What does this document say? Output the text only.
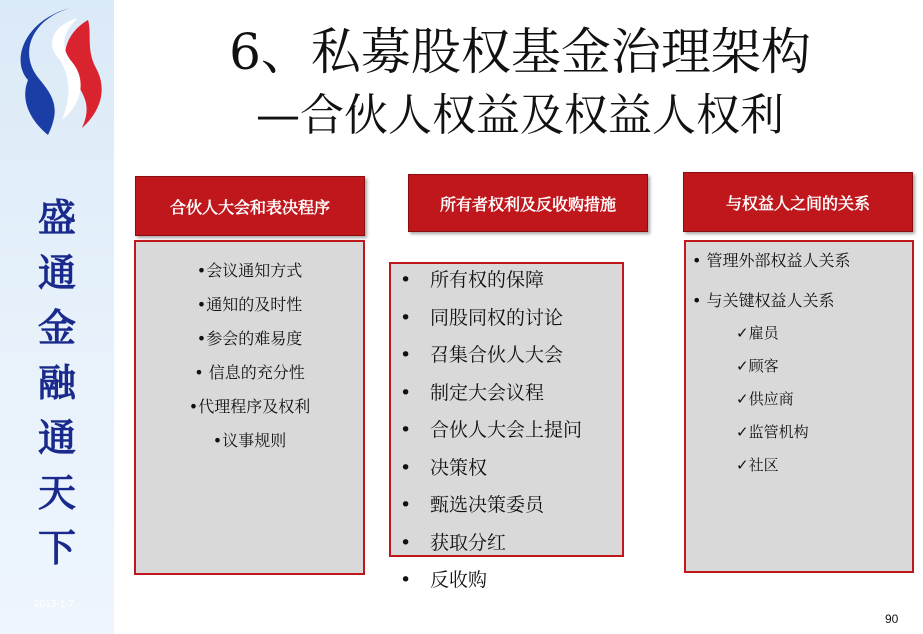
盛
通
金
融
通
天
下
2013-1-7
6、私募股权基金治理架构
—合伙人权益及权益人权利
合伙人大会和表决程序
•会议通知方式
•通知的及时性
•参会的难易度
• 信息的充分性
•代理程序及权利
•议事规则
所有者权利及反收购措施
• 所有权的保障
• 同股同权的讨论
• 召集合伙人大会
• 制定大会议程
• 合伙人大会上提问
• 决策权
• 甄选决策委员
• 获取分红
• 反收购
与权益人之间的关系
• 管理外部权益人关系
• 与关键权益人关系
✓雇员
✓顾客
✓供应商
✓监管机构
✓社区
90
